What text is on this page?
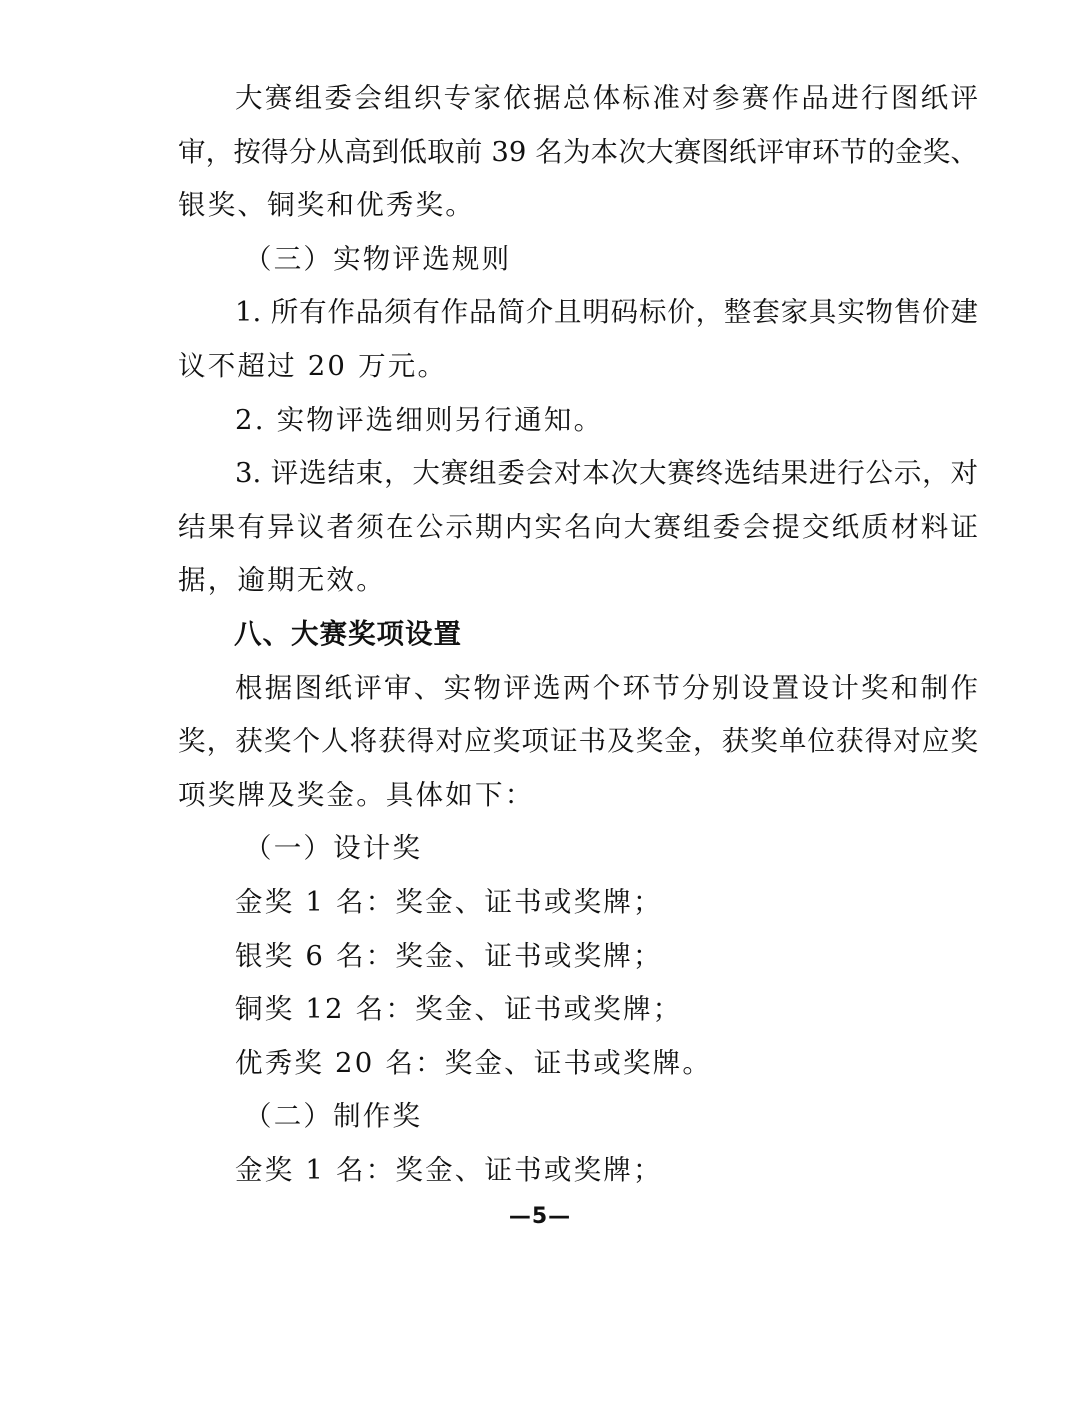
大赛组委会组织专家依据总体标准对参赛作品进行图纸评
审，按得分从高到低取前 39 名为本次大赛图纸评审环节的金奖、
银奖、铜奖和优秀奖。
（三）实物评选规则
1. 所有作品须有作品简介且明码标价，整套家具实物售价建
议不超过 20 万元。
2. 实物评选细则另行通知。
3. 评选结束，大赛组委会对本次大赛终选结果进行公示，对
结果有异议者须在公示期内实名向大赛组委会提交纸质材料证
据，逾期无效。
八、大赛奖项设置
根据图纸评审、实物评选两个环节分别设置设计奖和制作
奖，获奖个人将获得对应奖项证书及奖金，获奖单位获得对应奖
项奖牌及奖金。具体如下：
（一）设计奖
金奖 1 名：奖金、证书或奖牌；
银奖 6 名：奖金、证书或奖牌；
铜奖 12 名：奖金、证书或奖牌；
优秀奖 20 名：奖金、证书或奖牌。
（二）制作奖
金奖 1 名：奖金、证书或奖牌；
—5—
